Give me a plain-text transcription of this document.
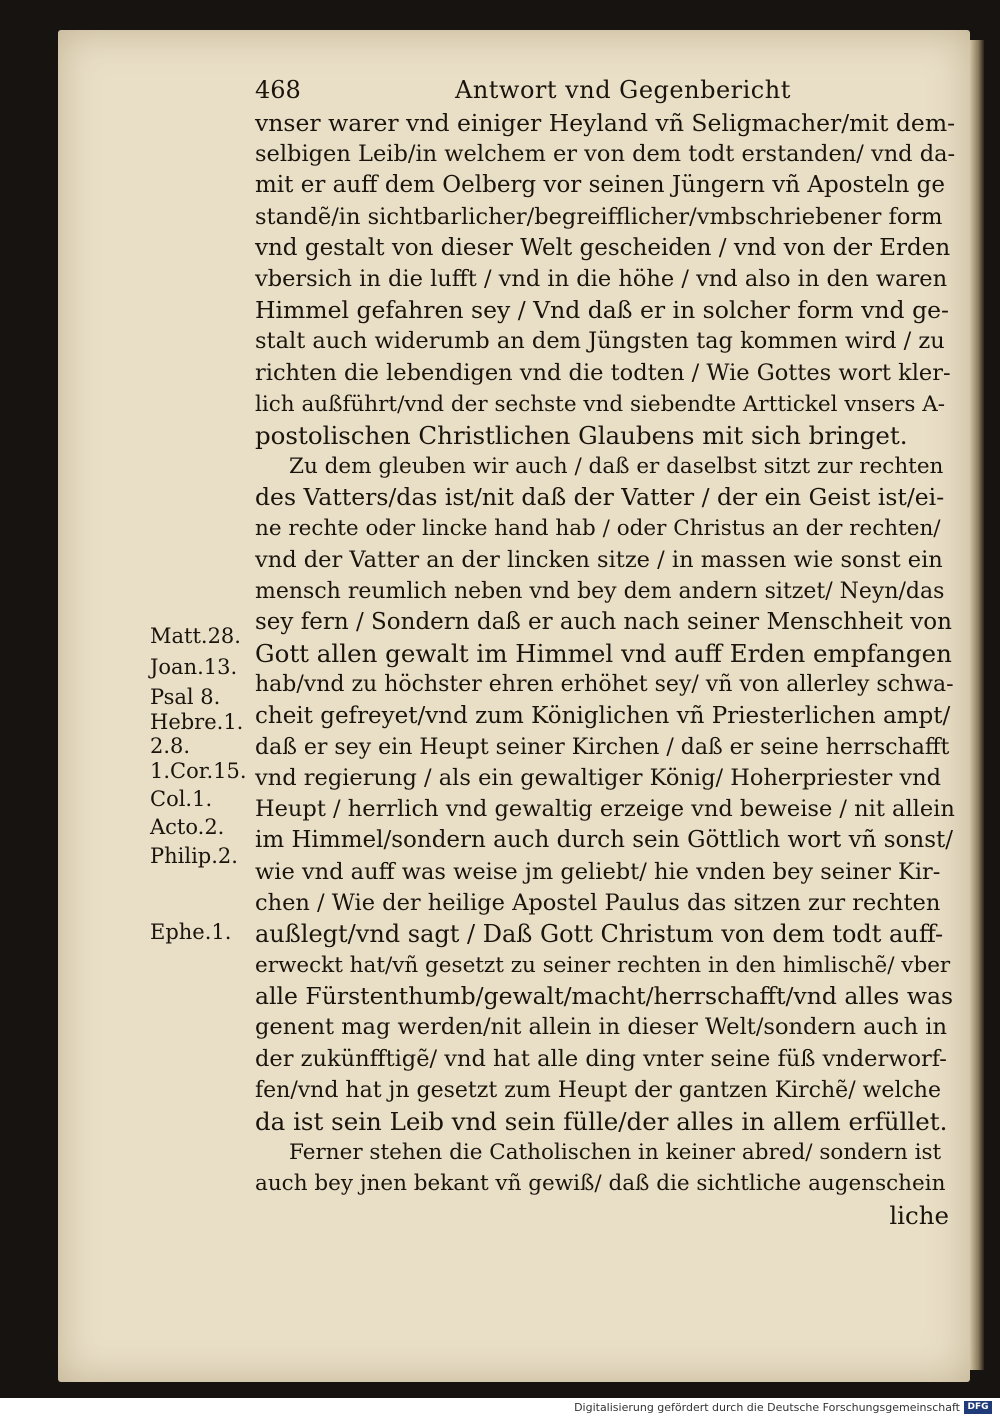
468	Antwort vnd Gegenbericht
vnser warer vnd einiger Heyland vñ Seligmacher/mit dem-
selbigen Leib/in welchem er von dem todt erstanden/ vnd da-
mit er auff dem Oelberg vor seinen Jüngern vñ Aposteln ge
standẽ/in sichtbarlicher/begreifflicher/vmbschriebener form
vnd gestalt von dieser Welt gescheiden / vnd von der Erden
vbersich in die lufft / vnd in die höhe / vnd also in den waren
Himmel gefahren sey / Vnd daß er in solcher form vnd ge-
stalt auch widerumb an dem Jüngsten tag kommen wird / zu
richten die lebendigen vnd die todten / Wie Gottes wort kler-
lich außführt/vnd der sechste vnd siebendte Arttickel vnsers A-
postolischen Christlichen Glaubens mit sich bringet.
Zu dem gleuben wir auch / daß er daselbst sitzt zur rechten
des Vatters/das ist/nit daß der Vatter / der ein Geist ist/ei-
ne rechte oder lincke hand hab / oder Christus an der rechten/
vnd der Vatter an der lincken sitze / in massen wie sonst ein
mensch reumlich neben vnd bey dem andern sitzet/ Neyn/das
sey fern / Sondern daß er auch nach seiner Menschheit von
Gott allen gewalt im Himmel vnd auff Erden empfangen
hab/vnd zu höchster ehren erhöhet sey/ vñ von allerley schwa-
cheit gefreyet/vnd zum Königlichen vñ Priesterlichen ampt/
daß er sey ein Heupt seiner Kirchen / daß er seine herrschafft
vnd regierung / als ein gewaltiger König/ Hoherpriester vnd
Heupt / herrlich vnd gewaltig erzeige vnd beweise / nit allein
im Himmel/sondern auch durch sein Göttlich wort vñ sonst/
wie vnd auff was weise jm geliebt/ hie vnden bey seiner Kir-
chen / Wie der heilige Apostel Paulus das sitzen zur rechten
außlegt/vnd sagt / Daß Gott Christum von dem todt auff-
erweckt hat/vñ gesetzt zu seiner rechten in den himlischẽ/ vber
alle Fürstenthumb/gewalt/macht/herrschafft/vnd alles was
genent mag werden/nit allein in dieser Welt/sondern auch in
der zukünfftigẽ/ vnd hat alle ding vnter seine füß vnderworf-
fen/vnd hat jn gesetzt zum Heupt der gantzen Kirchẽ/ welche
da ist sein Leib vnd sein fülle/der alles in allem erfüllet.
Ferner stehen die Catholischen in keiner abred/ sondern ist
auch bey jnen bekant vñ gewiß/ daß die sichtliche augenschein
liche
Matt.28.
Joan.13.
Psal 8.
Hebre.1.
2.8.
1.Cor.15.
Col.1.
Acto.2.
Philip.2.
Ephe.1.
Digitalisierung gefördert durch die Deutsche Forschungsgemeinschaft DFG
